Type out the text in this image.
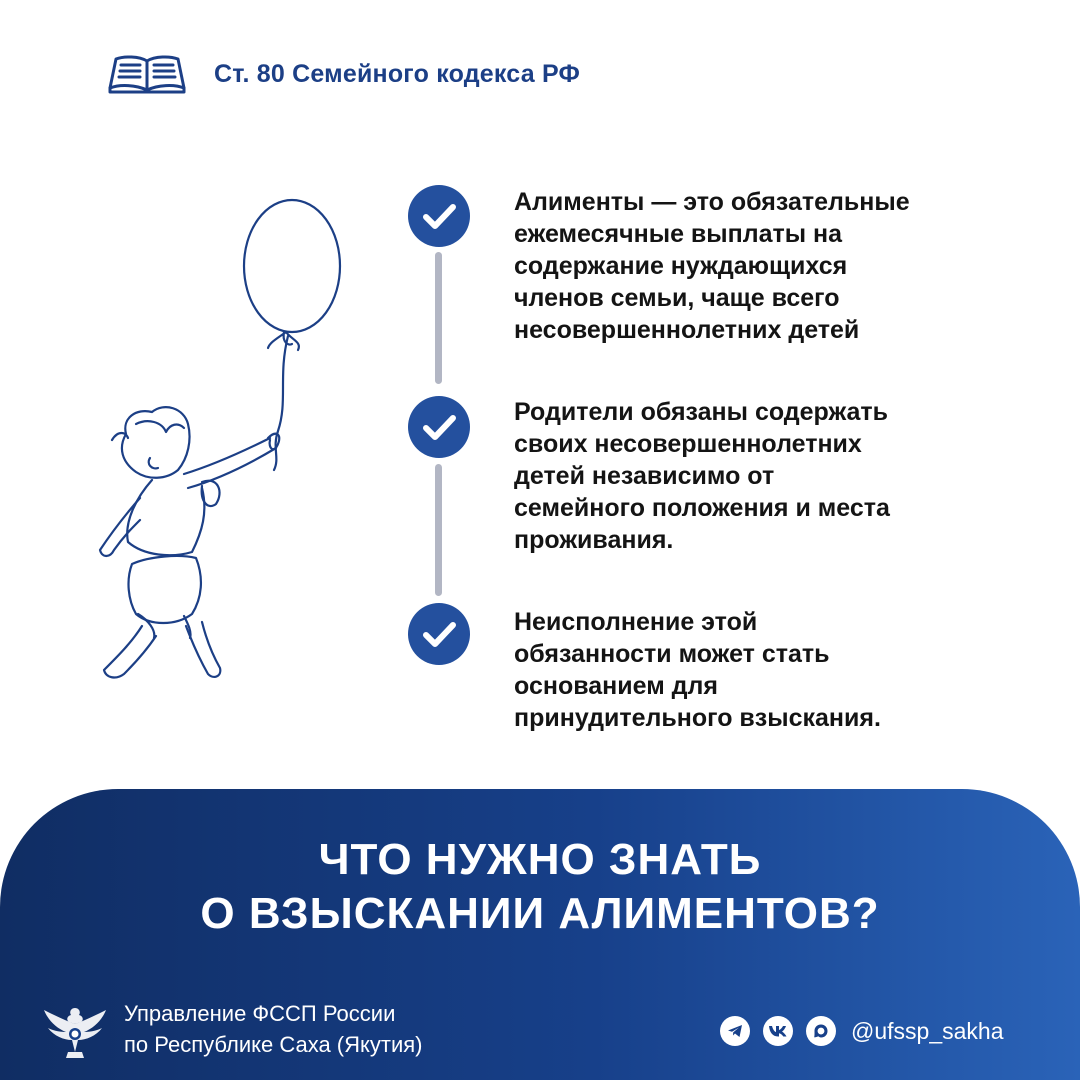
Ст. 80 Семейного кодекса РФ
Алименты — это обязательные
ежемесячные выплаты на
содержание нуждающихся
членов семьи, чаще всего
несовершеннолетних детей
Родители обязаны содержать
своих несовершеннолетних
детей независимо от
семейного положения и места
проживания.
Неисполнение этой
обязанности может стать
основанием для
принудительного взыскания.
ЧТО НУЖНО ЗНАТЬ
О ВЗЫСКАНИИ АЛИМЕНТОВ?
Управление ФССП России
по Республике Саха (Якутия)
@ufssp_sakha
